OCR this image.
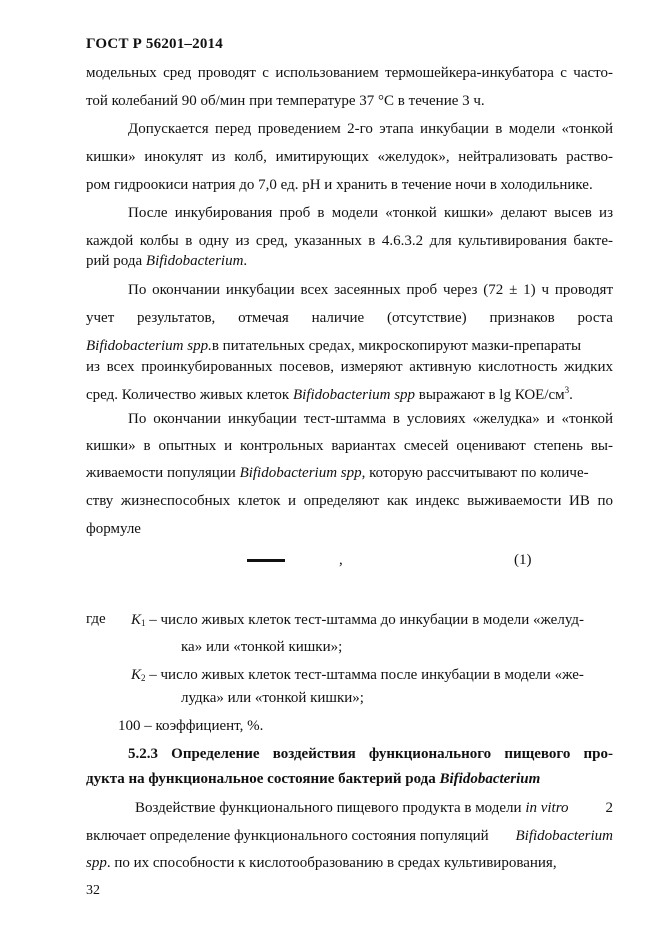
ГОСТ Р 56201–2014
модельных сред проводят с использованием термошейкера-инкубатора с часто-
той колебаний 90 об/мин при температуре 37 °С в течение 3 ч.
Допускается перед проведением 2-го этапа инкубации в модели «тонкой
кишки» инокулят из колб, имитирующих «желудок», нейтрализовать раство-
ром гидроокиси натрия до 7,0 ед. рН и хранить в течение ночи в холодильнике.
После инкубирования проб в модели «тонкой кишки» делают высев из
каждой колбы в одну из сред, указанных в 4.6.3.2 для культивирования бакте-
рий рода Bifidobacterium.
По окончании инкубации всех засеянных проб через (72 ± 1) ч проводят
учет результатов, отмечая наличие (отсутствие) признаков роста
Bifidobacterium spp.в питательных средах, микроскопируют мазки-препараты
из всех проинкубированных посевов, измеряют активную кислотность жидких
сред. Количество живых клеток Bifidobacterium spp выражают в lg КОЕ/$см^3$.
По окончании инкубации тест-штамма в условиях «желудка» и «тонкой
кишки» в опытных и контрольных вариантах смесей оценивают степень вы-
живаемости популяции Bifidobacterium spp, которую рассчитывают по количе-
ству жизнеспособных клеток и определяют как индекс выживаемости ИВ по
формуле
,	(1)
где $K_1$ – число живых клеток тест-штамма до инкубации в модели «желуд-
ка» или «тонкой кишки»;
$K_2$ – число живых клеток тест-штамма после инкубации в модели «же-
лудка» или «тонкой кишки»;
100 – коэффициент, %.
5.2.3 Определение воздействия функционального пищевого про-
дукта на функциональное состояние бактерий рода Bifidobacterium
Воздействие функционального пищевого продукта в модели in vitro 2
включает определение функционального состояния популяций Bifidobacterium
spp. по их способности к кислотообразованию в средах культивирования,
32
